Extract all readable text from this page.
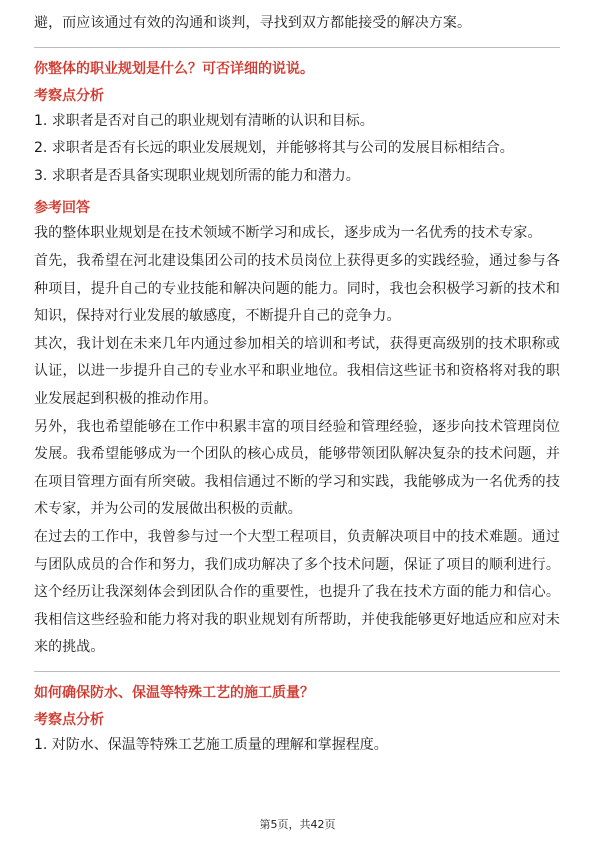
避，而应该通过有效的沟通和谈判，寻找到双方都能接受的解决方案。

你整体的职业规划是什么？可否详细的说说。

考察点分析

1. 求职者是否对自己的职业规划有清晰的认识和目标。

2. 求职者是否有长远的职业发展规划，并能够将其与公司的发展目标相结合。

3. 求职者是否具备实现职业规划所需的能力和潜力。

参考回答

我的整体职业规划是在技术领域不断学习和成长，逐步成为一名优秀的技术专家。

首先，我希望在河北建设集团公司的技术员岗位上获得更多的实践经验，通过参与各种项目，提升自己的专业技能和解决问题的能力。同时，我也会积极学习新的技术和知识，保持对行业发展的敏感度，不断提升自己的竞争力。

其次，我计划在未来几年内通过参加相关的培训和考试，获得更高级别的技术职称或认证，以进一步提升自己的专业水平和职业地位。我相信这些证书和资格将对我的职业发展起到积极的推动作用。

另外，我也希望能够在工作中积累丰富的项目经验和管理经验，逐步向技术管理岗位发展。我希望能够成为一个团队的核心成员，能够带领团队解决复杂的技术问题，并在项目管理方面有所突破。我相信通过不断的学习和实践，我能够成为一名优秀的技术专家，并为公司的发展做出积极的贡献。

在过去的工作中，我曾参与过一个大型工程项目，负责解决项目中的技术难题。通过与团队成员的合作和努力，我们成功解决了多个技术问题，保证了项目的顺利进行。这个经历让我深刻体会到团队合作的重要性，也提升了我在技术方面的能力和信心。我相信这些经验和能力将对我的职业规划有所帮助，并使我能够更好地适应和应对未来的挑战。

如何确保防水、保温等特殊工艺的施工质量？

考察点分析

1. 对防水、保温等特殊工艺施工质量的理解和掌握程度。

第5页，共42页
